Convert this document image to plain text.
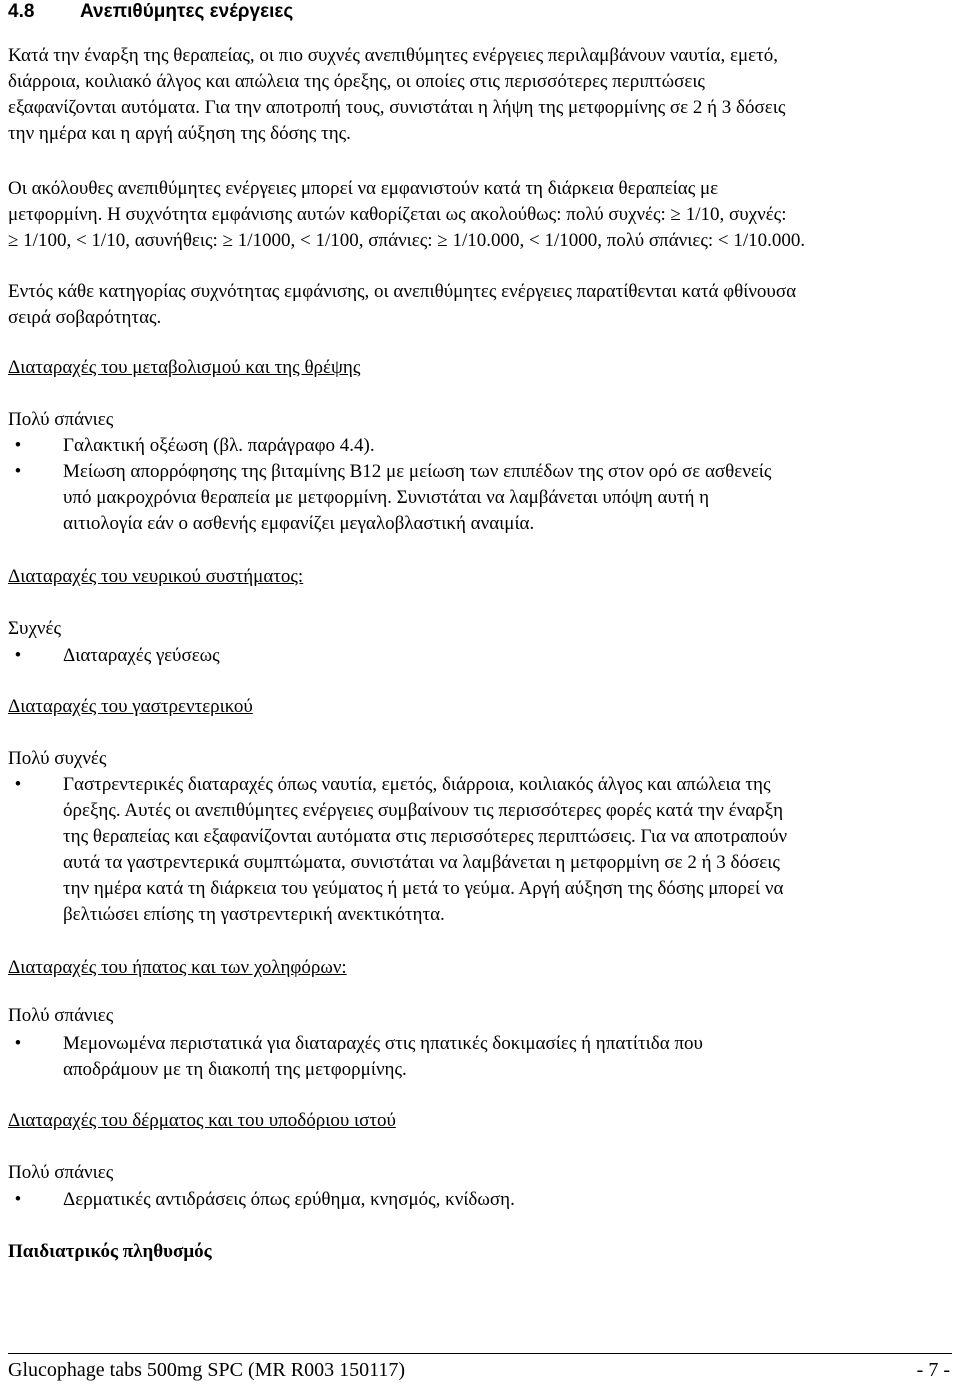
4.8 Ανεπιθύμητες ενέργειες
Κατά την έναρξη της θεραπείας, οι πιο συχνές ανεπιθύμητες ενέργειες περιλαμβάνουν ναυτία, εμετό,
διάρροια, κοιλιακό άλγος και απώλεια της όρεξης, οι οποίες στις περισσότερες περιπτώσεις
εξαφανίζονται αυτόματα. Για την αποτροπή τους, συνιστάται η λήψη της μετφορμίνης σε 2 ή 3 δόσεις
την ημέρα και η αργή αύξηση της δόσης της.
Οι ακόλουθες ανεπιθύμητες ενέργειες μπορεί να εμφανιστούν κατά τη διάρκεια θεραπείας με
μετφορμίνη. Η συχνότητα εμφάνισης αυτών καθορίζεται ως ακολούθως: πολύ συχνές: ≥ 1/10, συχνές:
≥ 1/100, < 1/10, ασυνήθεις: ≥ 1/1000, < 1/100, σπάνιες: ≥ 1/10.000, < 1/1000, πολύ σπάνιες: < 1/10.000.
Εντός κάθε κατηγορίας συχνότητας εμφάνισης, οι ανεπιθύμητες ενέργειες παρατίθενται κατά φθίνουσα
σειρά σοβαρότητας.
Διαταραχές του μεταβολισμού και της θρέψης
Πολύ σπάνιες
•	Γαλακτική οξέωση (βλ. παράγραφο 4.4).
•	Μείωση απορρόφησης της βιταμίνης B12 με μείωση των επιπέδων της στον ορό σε ασθενείς
υπό μακροχρόνια θεραπεία με μετφορμίνη. Συνιστάται να λαμβάνεται υπόψη αυτή η
αιτιολογία εάν ο ασθενής εμφανίζει μεγαλοβλαστική αναιμία.
Διαταραχές του νευρικού συστήματος:
Συχνές
•	Διαταραχές γεύσεως
Διαταραχές του γαστρεντερικού
Πολύ συχνές
•	Γαστρεντερικές διαταραχές όπως ναυτία, εμετός, διάρροια, κοιλιακός άλγος και απώλεια της
όρεξης. Αυτές οι ανεπιθύμητες ενέργειες συμβαίνουν τις περισσότερες φορές κατά την έναρξη
της θεραπείας και εξαφανίζονται αυτόματα στις περισσότερες περιπτώσεις. Για να αποτραπούν
αυτά τα γαστρεντερικά συμπτώματα, συνιστάται να λαμβάνεται η μετφορμίνη σε 2 ή 3 δόσεις
την ημέρα κατά τη διάρκεια του γεύματος ή μετά το γεύμα. Αργή αύξηση της δόσης μπορεί να
βελτιώσει επίσης τη γαστρεντερική ανεκτικότητα.
Διαταραχές του ήπατος και των χοληφόρων:
Πολύ σπάνιες
•	Μεμονωμένα περιστατικά για διαταραχές στις ηπατικές δοκιμασίες ή ηπατίτιδα που
αποδράμουν με τη διακοπή της μετφορμίνης.
Διαταραχές του δέρματος και του υποδόριου ιστού
Πολύ σπάνιες
•	Δερματικές αντιδράσεις όπως ερύθημα, κνησμός, κνίδωση.
Παιδιατρικός πληθυσμός
Glucophage tabs 500mg SPC (MR R003 150117)	- 7 -
